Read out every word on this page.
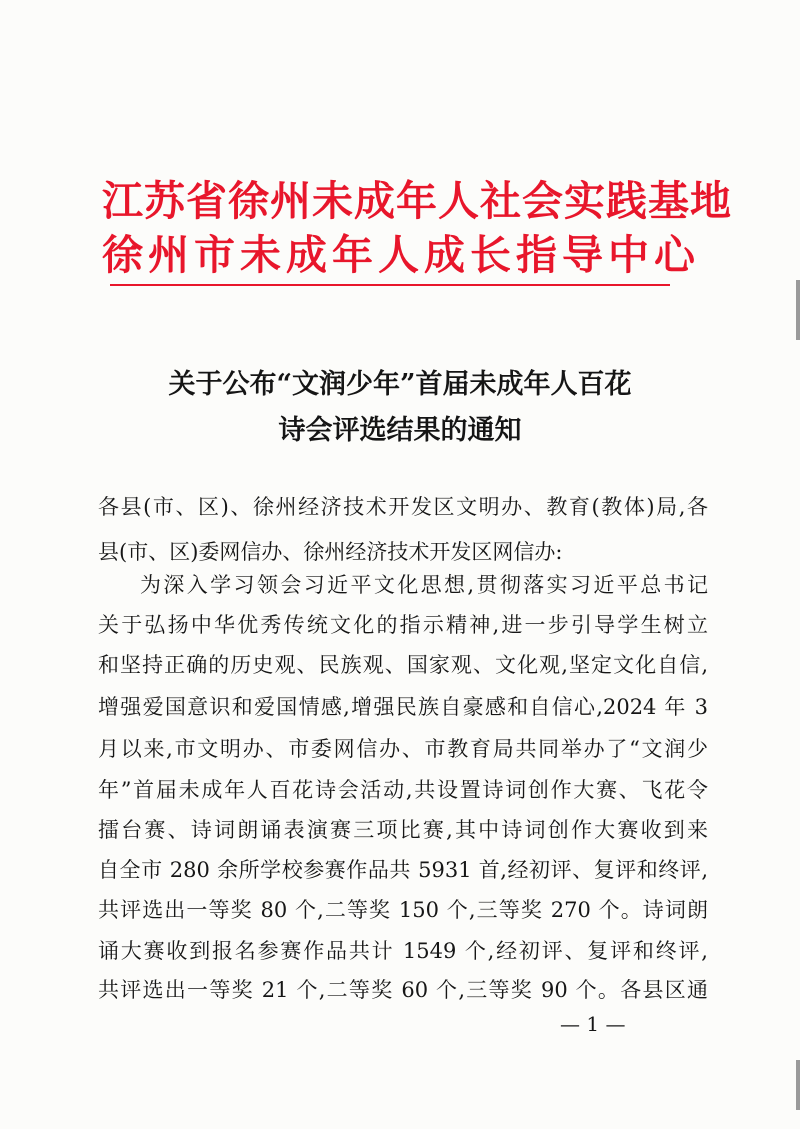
江苏省徐州未成年人社会实践基地
徐州市未成年人成长指导中心
关于公布“文润少年”首届未成年人百花
诗会评选结果的通知
各县(市、区)、徐州经济技术开发区文明办、教育(教体)局,各
县(市、区)委网信办、徐州经济技术开发区网信办:
为深入学习领会习近平文化思想,贯彻落实习近平总书记
关于弘扬中华优秀传统文化的指示精神,进一步引导学生树立
和坚持正确的历史观、民族观、国家观、文化观,坚定文化自信,
增强爱国意识和爱国情感,增强民族自豪感和自信心,2024 年 3
月以来,市文明办、市委网信办、市教育局共同举办了“文润少
年”首届未成年人百花诗会活动,共设置诗词创作大赛、飞花令
擂台赛、诗词朗诵表演赛三项比赛,其中诗词创作大赛收到来
自全市 280 余所学校参赛作品共 5931 首,经初评、复评和终评,
共评选出一等奖 80 个,二等奖 150 个,三等奖 270 个。诗词朗
诵大赛收到报名参赛作品共计 1549 个,经初评、复评和终评,
共评选出一等奖 21 个,二等奖 60 个,三等奖 90 个。各县区通
— 1 —
